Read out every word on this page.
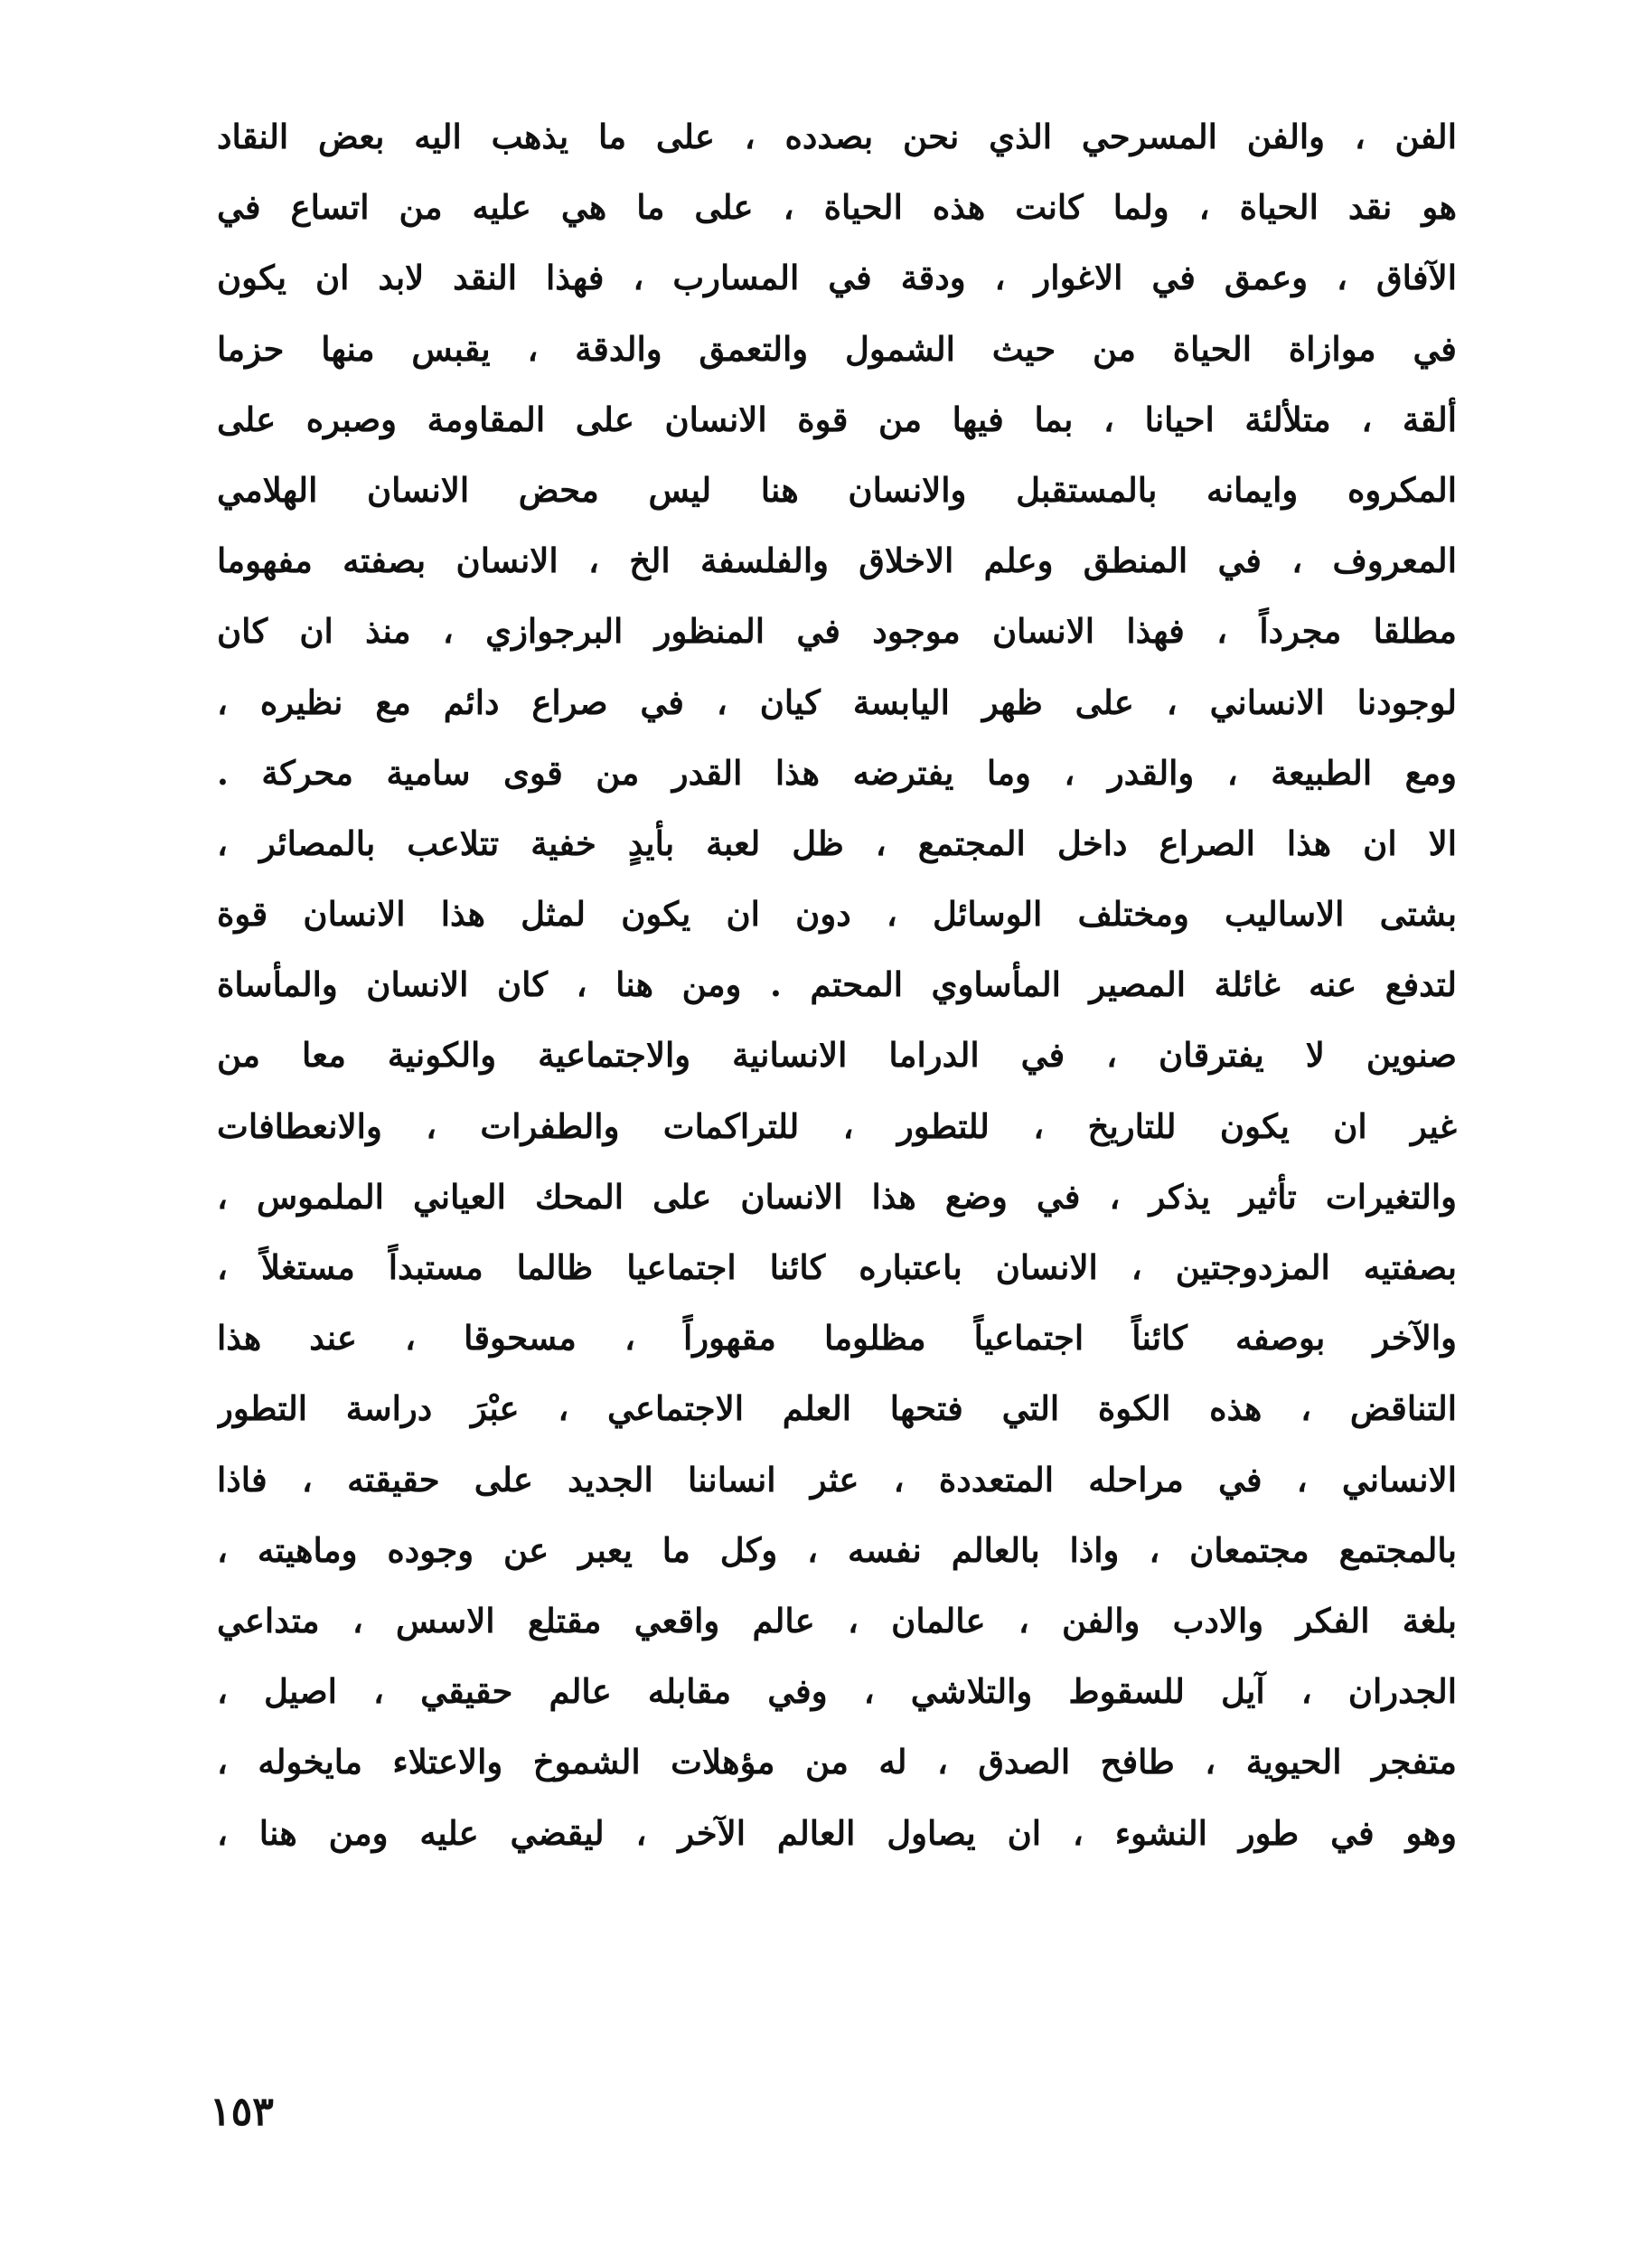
الفن ، والفن المسرحي الذي نحن بصدده ، على ما يذهب اليه بعض النقاد
هو نقد الحياة ، ولما كانت هذه الحياة ، على ما هي عليه من اتساع في
الآفاق ، وعمق في الاغوار ، ودقة في المسارب ، فهذا النقد لابد ان يكون
في موازاة الحياة من حيث الشمول والتعمق والدقة ، يقبس منها حزما
ألقة ، متلألئة احيانا ، بما فيها من قوة الانسان على المقاومة وصبره على
المكروه وايمانه بالمستقبل والانسان هنا ليس محض الانسان الهلامي
المعروف ، في المنطق وعلم الاخلاق والفلسفة الخ ، الانسان بصفته مفهوما
مطلقا مجرداً ، فهذا الانسان موجود في المنظور البرجوازي ، منذ ان كان
لوجودنا الانساني ، على ظهر اليابسة كيان ، في صراع دائم مع نظيره ،
ومع الطبيعة ، والقدر ، وما يفترضه هذا القدر من قوى سامية محركة .
الا ان هذا الصراع داخل المجتمع ، ظل لعبة بأيدٍ خفية تتلاعب بالمصائر ،
بشتى الاساليب ومختلف الوسائل ، دون ان يكون لمثل هذا الانسان قوة
لتدفع عنه غائلة المصير المأساوي المحتم . ومن هنا ، كان الانسان والمأساة
صنوين لا يفترقان ، في الدراما الانسانية والاجتماعية والكونية معا من
غير ان يكون للتاريخ ، للتطور ، للتراكمات والطفرات ، والانعطافات
والتغيرات تأثير يذكر ، في وضع هذا الانسان على المحك العياني الملموس ،
بصفتيه المزدوجتين ، الانسان باعتباره كائنا اجتماعيا ظالما مستبداً مستغلاً ،
والآخر بوصفه كائناً اجتماعياً مظلوما مقهوراً ، مسحوقا ، عند هذا
التناقض ، هذه الكوة التي فتحها العلم الاجتماعي ، عبْرَ دراسة التطور
الانساني ، في مراحله المتعددة ، عثر انساننا الجديد على حقيقته ، فاذا
بالمجتمع مجتمعان ، واذا بالعالم نفسه ، وكل ما يعبر عن وجوده وماهيته ،
بلغة الفكر والادب والفن ، عالمان ، عالم واقعي مقتلع الاسس ، متداعي
الجدران ، آيل للسقوط والتلاشي ، وفي مقابله عالم حقيقي ، اصيل ،
متفجر الحيوية ، طافح الصدق ، له من مؤهلات الشموخ والاعتلاء مايخوله ،
وهو في طور النشوء ، ان يصاول العالم الآخر ، ليقضي عليه ومن هنا ،
١٥٣
